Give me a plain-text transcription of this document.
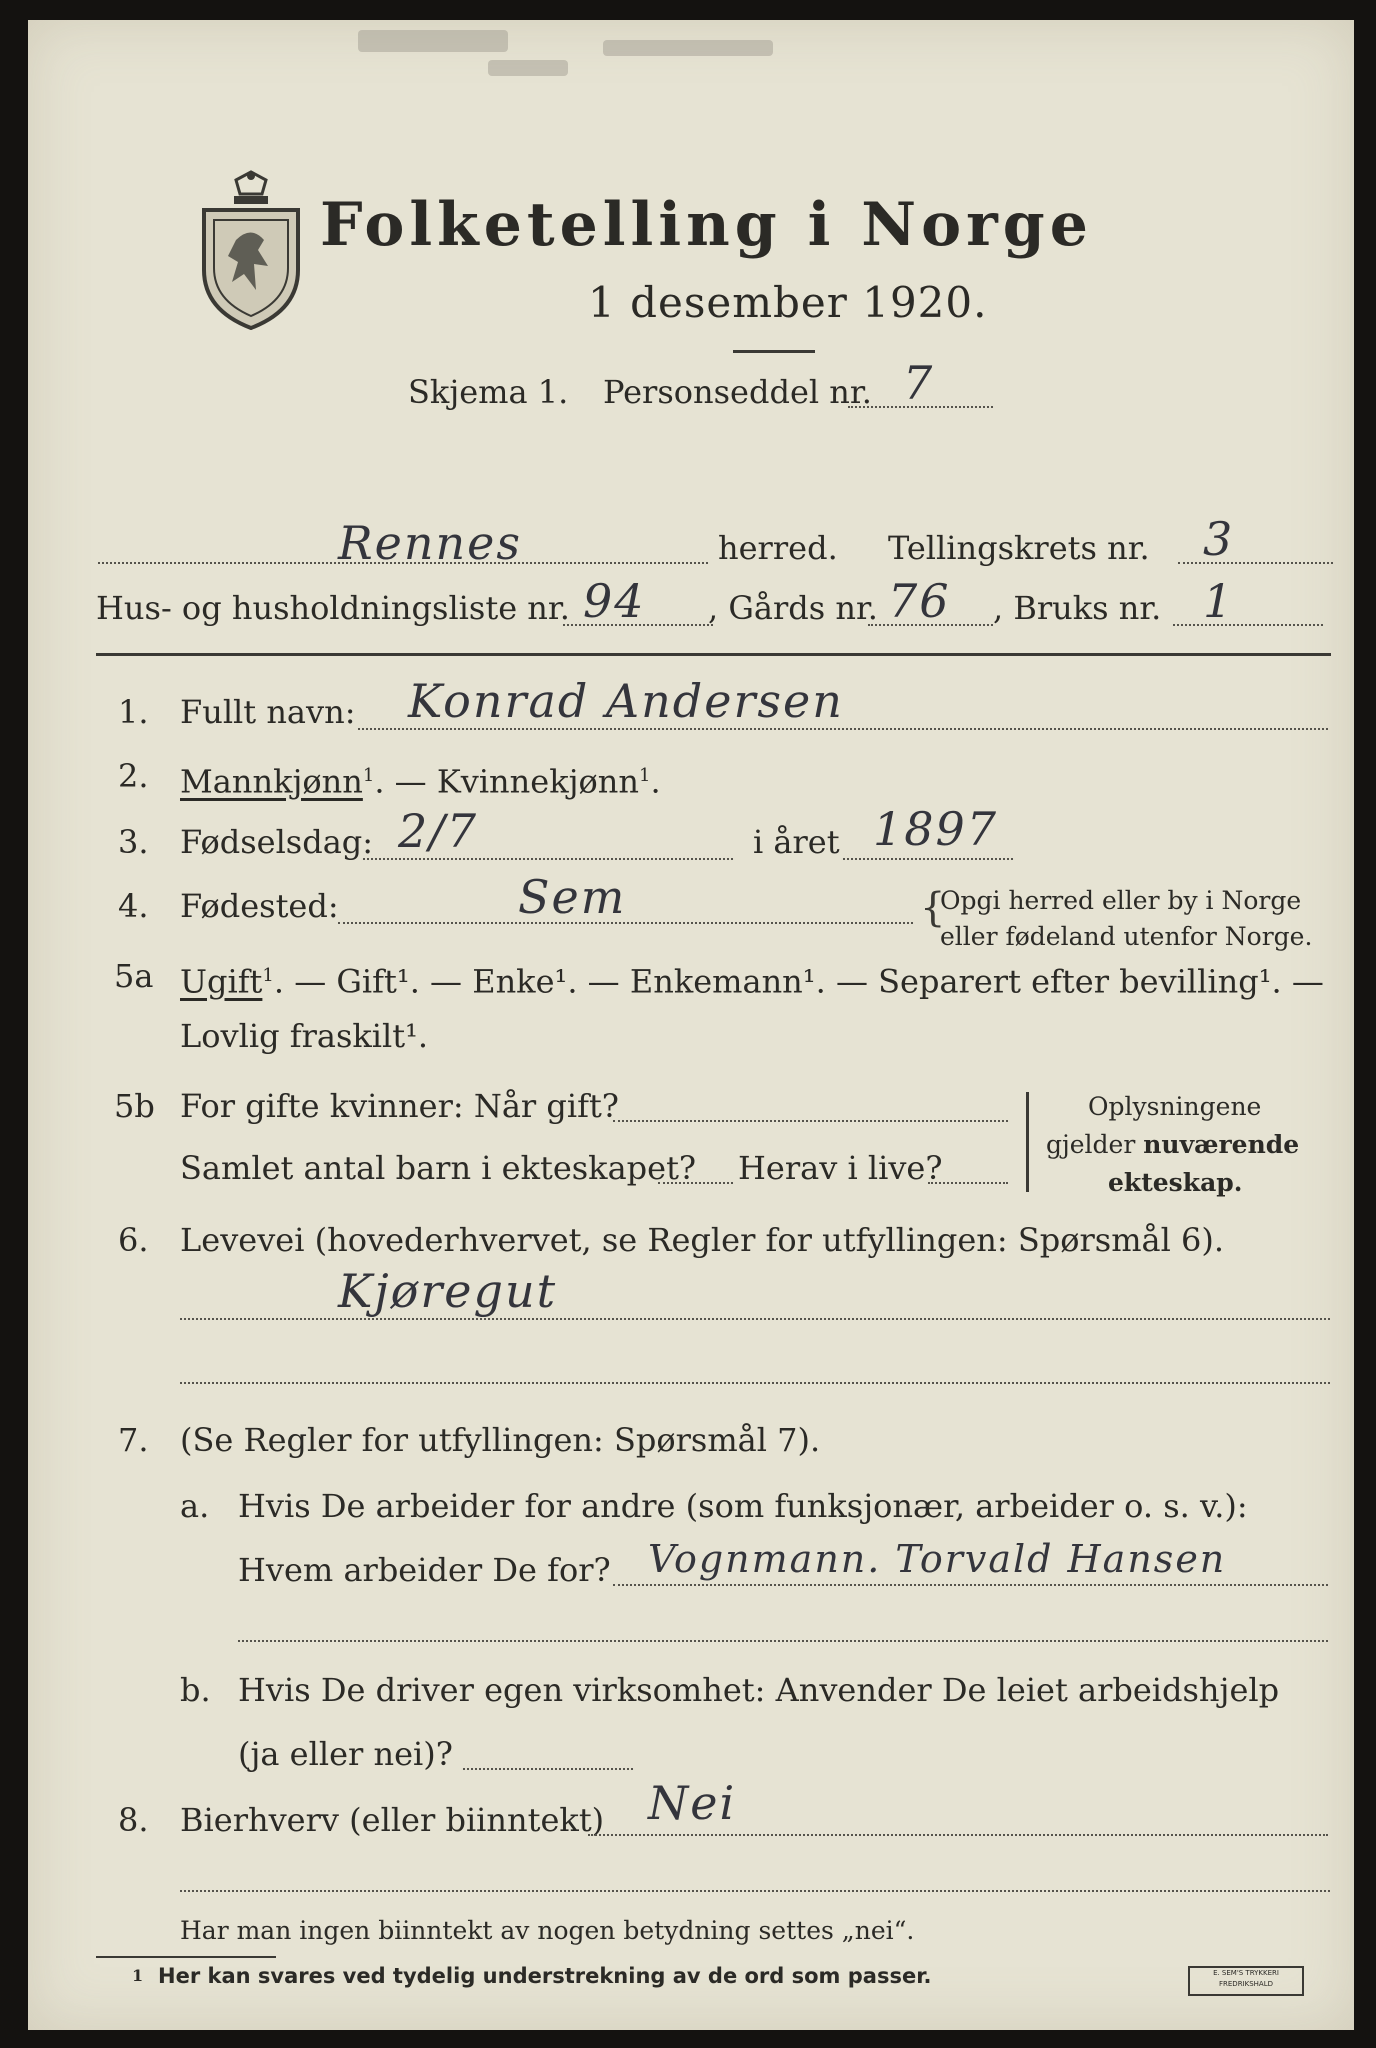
Folketelling i Norge
1 desember 1920.
Skjema 1. Personseddel nr. 7
Rennes	herred. Tellingskrets nr. 3
Hus- og husholdningsliste nr. 94 , Gårds nr. 76 , Bruks nr. 1
1. Fullt navn: Konrad Andersen
2. Mannkjønn$^1$. — Kvinnekjønn$^1$.
3. Fødselsdag: 2/7	i året 1897
4. Fødested:	Sem	{
Opgi herred eller by i Norge
eller fødeland utenfor Norge.
5a Ugift$^1$. — Gift¹. — Enke¹. — Enkemann¹. — Separert efter bevilling¹. —
Lovlig fraskilt¹.
5b For gifte kvinner: Når gift?
Samlet antal barn i ekteskapet? Herav i live?
Oplysningene
gjelder nuværende
ekteskap.
6. Levevei (hovederhvervet, se Regler for utfyllingen: Spørsmål 6).
Kjøregut
7. (Se Regler for utfyllingen: Spørsmål 7).
a. Hvis De arbeider for andre (som funksjonær, arbeider o. s. v.):
Hvem arbeider De for? Vognmann. Torvald Hansen
b. Hvis De driver egen virksomhet: Anvender De leiet arbeidshjelp
(ja eller nei)?
8. Bierhverv (eller biinntekt) Nei
Har man ingen biinntekt av nogen betydning settes „nei“.
1 Her kan svares ved tydelig understrekning av de ord som passer.	E. SEM'S TRYKKERI FREDRIKSHALD
